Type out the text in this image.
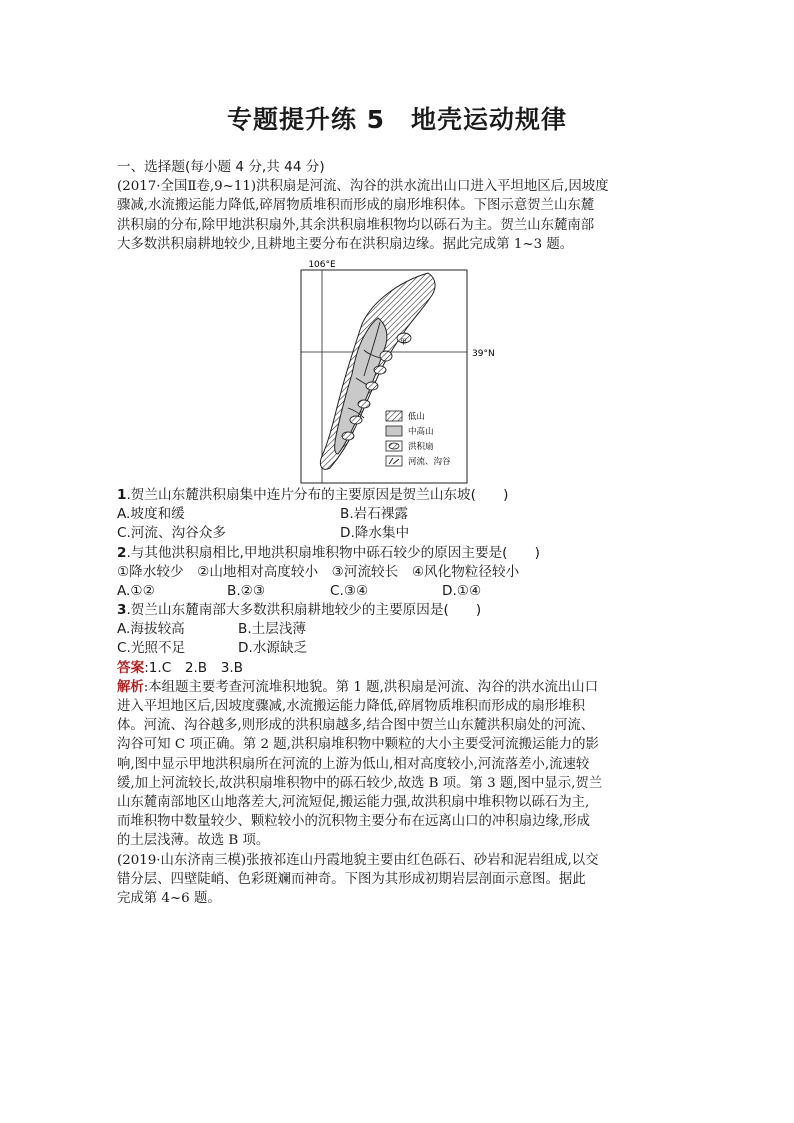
专题提升练 5　地壳运动规律
一、选择题(每小题 4 分,共 44 分)
(2017·全国Ⅱ卷,9~11)洪积扇是河流、沟谷的洪水流出山口进入平坦地区后,因坡度
骤减,水流搬运能力降低,碎屑物质堆积而形成的扇形堆积体。下图示意贺兰山东麓
洪积扇的分布,除甲地洪积扇外,其余洪积扇堆积物均以砾石为主。贺兰山东麓南部
大多数洪积扇耕地较少,且耕地主要分布在洪积扇边缘。据此完成第 1~3 题。
106°E
39°N
甲
低山
中高山
洪积扇
河流、沟谷
1.贺兰山东麓洪积扇集中连片分布的主要原因是贺兰山东坡(　　)
A.坡度和缓	B.岩石裸露
C.河流、沟谷众多	D.降水集中
2.与其他洪积扇相比,甲地洪积扇堆积物中砾石较少的原因主要是(　　)
①降水较少　②山地相对高度较小　③河流较长　④风化物粒径较小
A.①②	B.②③	C.③④	D.①④
3.贺兰山东麓南部大多数洪积扇耕地较少的主要原因是(　　)
A.海拔较高	B.土层浅薄
C.光照不足	D.水源缺乏
答案:1.C　2.B　3.B
解析:本组题主要考查河流堆积地貌。第 1 题,洪积扇是河流、沟谷的洪水流出山口
进入平坦地区后,因坡度骤减,水流搬运能力降低,碎屑物质堆积而形成的扇形堆积
体。河流、沟谷越多,则形成的洪积扇越多,结合图中贺兰山东麓洪积扇处的河流、
沟谷可知 C 项正确。第 2 题,洪积扇堆积物中颗粒的大小主要受河流搬运能力的影
响,图中显示甲地洪积扇所在河流的上游为低山,相对高度较小,河流落差小,流速较
缓,加上河流较长,故洪积扇堆积物中的砾石较少,故选 B 项。第 3 题,图中显示,贺兰
山东麓南部地区山地落差大,河流短促,搬运能力强,故洪积扇中堆积物以砾石为主,
而堆积物中数量较少、颗粒较小的沉积物主要分布在远离山口的冲积扇边缘,形成
的土层浅薄。故选 B 项。
(2019·山东济南三模)张掖祁连山丹霞地貌主要由红色砾石、砂岩和泥岩组成,以交
错分层、四壁陡峭、色彩斑斓而神奇。下图为其形成初期岩层剖面示意图。据此
完成第 4~6 题。
